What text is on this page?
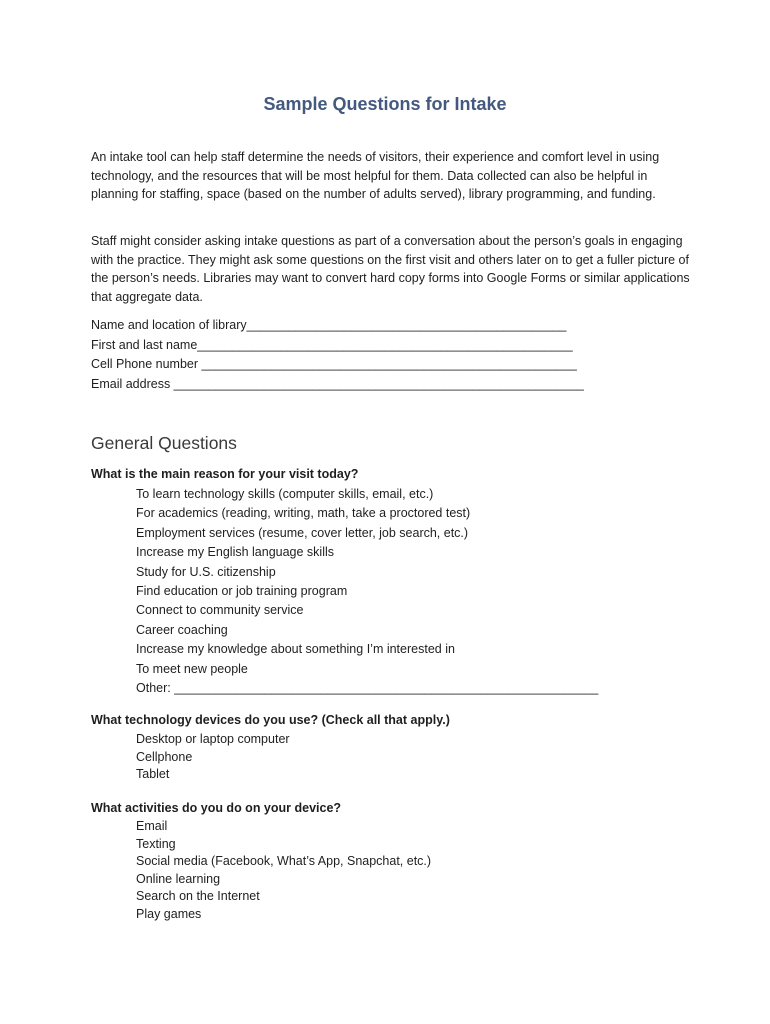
Sample Questions for Intake

An intake tool can help staff determine the needs of visitors, their experience and comfort level in using technology, and the resources that will be most helpful for them. Data collected can also be helpful in planning for staffing, space (based on the number of adults served), library programming, and funding.

Staff might consider asking intake questions as part of a conversation about the person’s goals in engaging with the practice. They might ask some questions on the first visit and others later on to get a fuller picture of the person’s needs. Libraries may want to convert hard copy forms into Google Forms or similar applications that aggregate data.

Name and location of library______________________________________________
First and last name______________________________________________________
Cell Phone number ______________________________________________________
Email address ___________________________________________________________
General Questions
What is the main reason for your visit today?
To learn technology skills (computer skills, email, etc.)
For academics (reading, writing, math, take a proctored test)
Employment services (resume, cover letter, job search, etc.)
Increase my English language skills
Study for U.S. citizenship
Find education or job training program
Connect to community service
Career coaching
Increase my knowledge about something I’m interested in
To meet new people
Other: _____________________________________________________________
What technology devices do you use? (Check all that apply.)
Desktop or laptop computer
Cellphone
Tablet
What activities do you do on your device?
Email
Texting
Social media (Facebook, What’s App, Snapchat, etc.)
Online learning
Search on the Internet
Play games
